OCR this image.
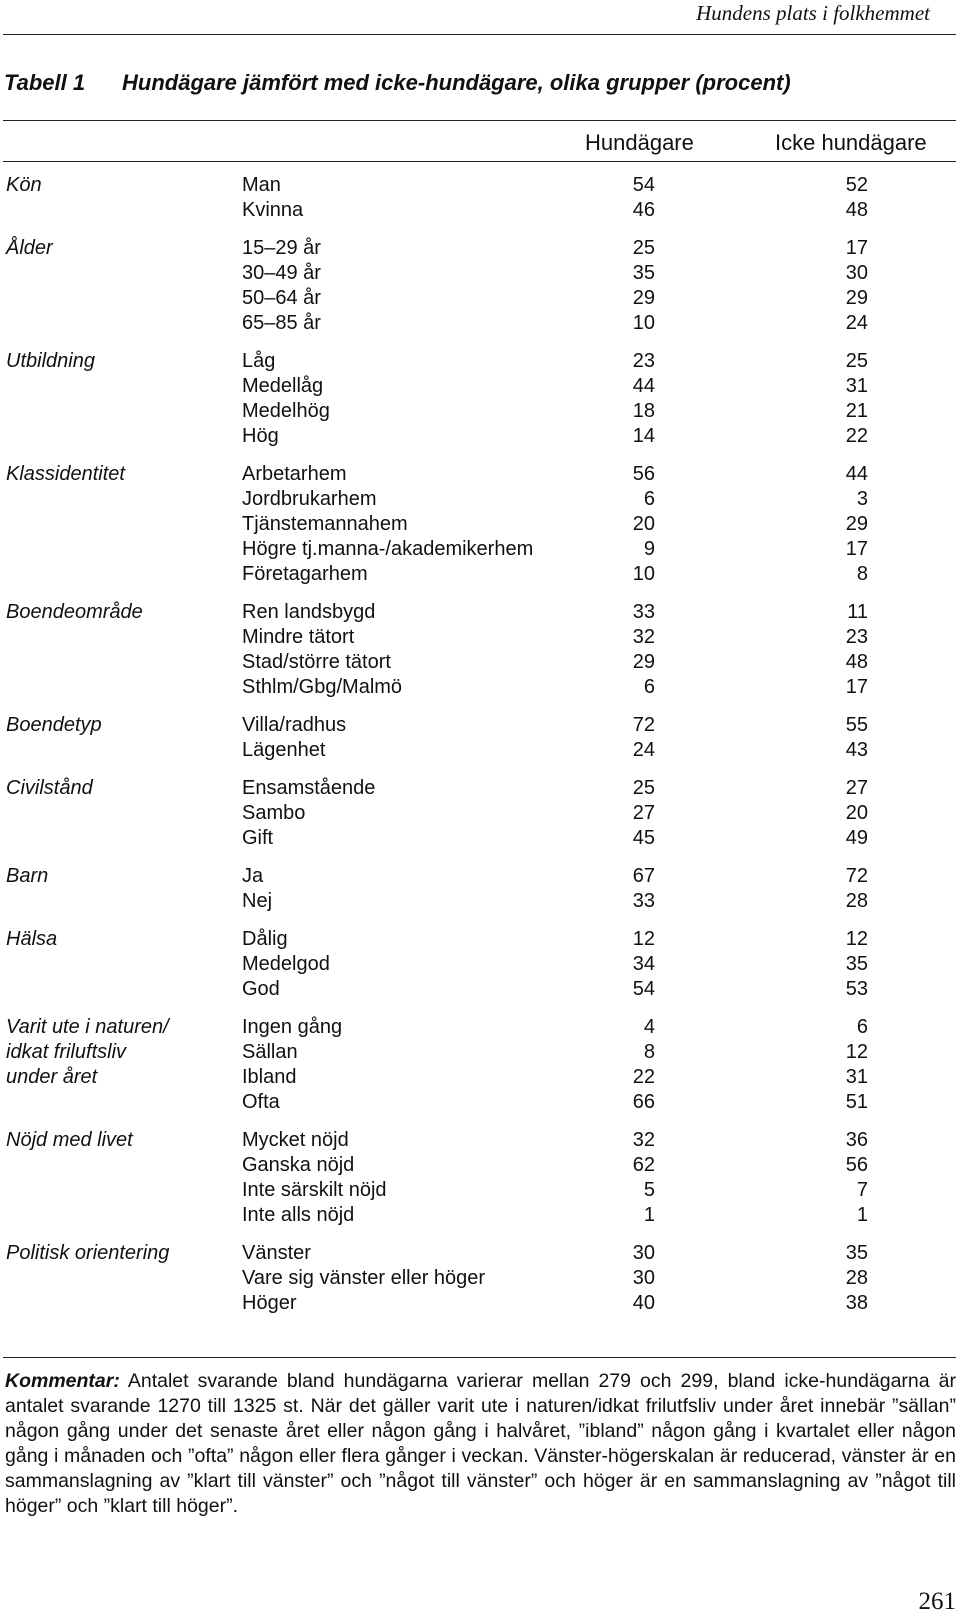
Hundens plats i folkhemmet
Tabell 1 Hundägare jämfört med icke-hundägare, olika grupper (procent)
Hundägare	Icke hundägare
Kön	Man	54	52
Kvinna	46	48
Ålder	15–29 år	25	17
30–49 år	35	30
50–64 år	29	29
65–85 år	10	24
Utbildning	Låg	23	25
Medellåg	44	31
Medelhög	18	21
Hög	14	22
Klassidentitet	Arbetarhem	56	44
Jordbrukarhem	6	3
Tjänstemannahem	20	29
Högre tj.manna-/akademikerhem	9	17
Företagarhem	10	8
Boendeområde	Ren landsbygd	33	11
Mindre tätort	32	23
Stad/större tätort	29	48
Sthlm/Gbg/Malmö	6	17
Boendetyp	Villa/radhus	72	55
Lägenhet	24	43
Civilstånd	Ensamstående	25	27
Sambo	27	20
Gift	45	49
Barn	Ja	67	72
Nej	33	28
Hälsa	Dålig	12	12
Medelgod	34	35
God	54	53
Varit ute i naturen/	Ingen gång	4	6
idkat friluftsliv	Sällan	8	12
under året	Ibland	22	31
Ofta	66	51
Nöjd med livet	Mycket nöjd	32	36
Ganska nöjd	62	56
Inte särskilt nöjd	5	7
Inte alls nöjd	1	1
Politisk orientering	Vänster	30	35
Vare sig vänster eller höger	30	28
Höger	40	38
Kommentar: Antalet svarande bland hundägarna varierar mellan 279 och 299, bland icke-hundägarna är antalet svarande 1270 till 1325 st. När det gäller varit ute i naturen/idkat frilutfsliv under året innebär ”sällan” någon gång under det senaste året eller någon gång i halvåret, ”ibland” någon gång i kvartalet eller någon gång i månaden och ”ofta” någon eller flera gånger i veckan. Vänster-högerskalan är reducerad, vänster är en sammanslagning av ”klart till vänster” och ”något till vänster” och höger är en sammanslagning av ”något till höger” och ”klart till höger”.
261
